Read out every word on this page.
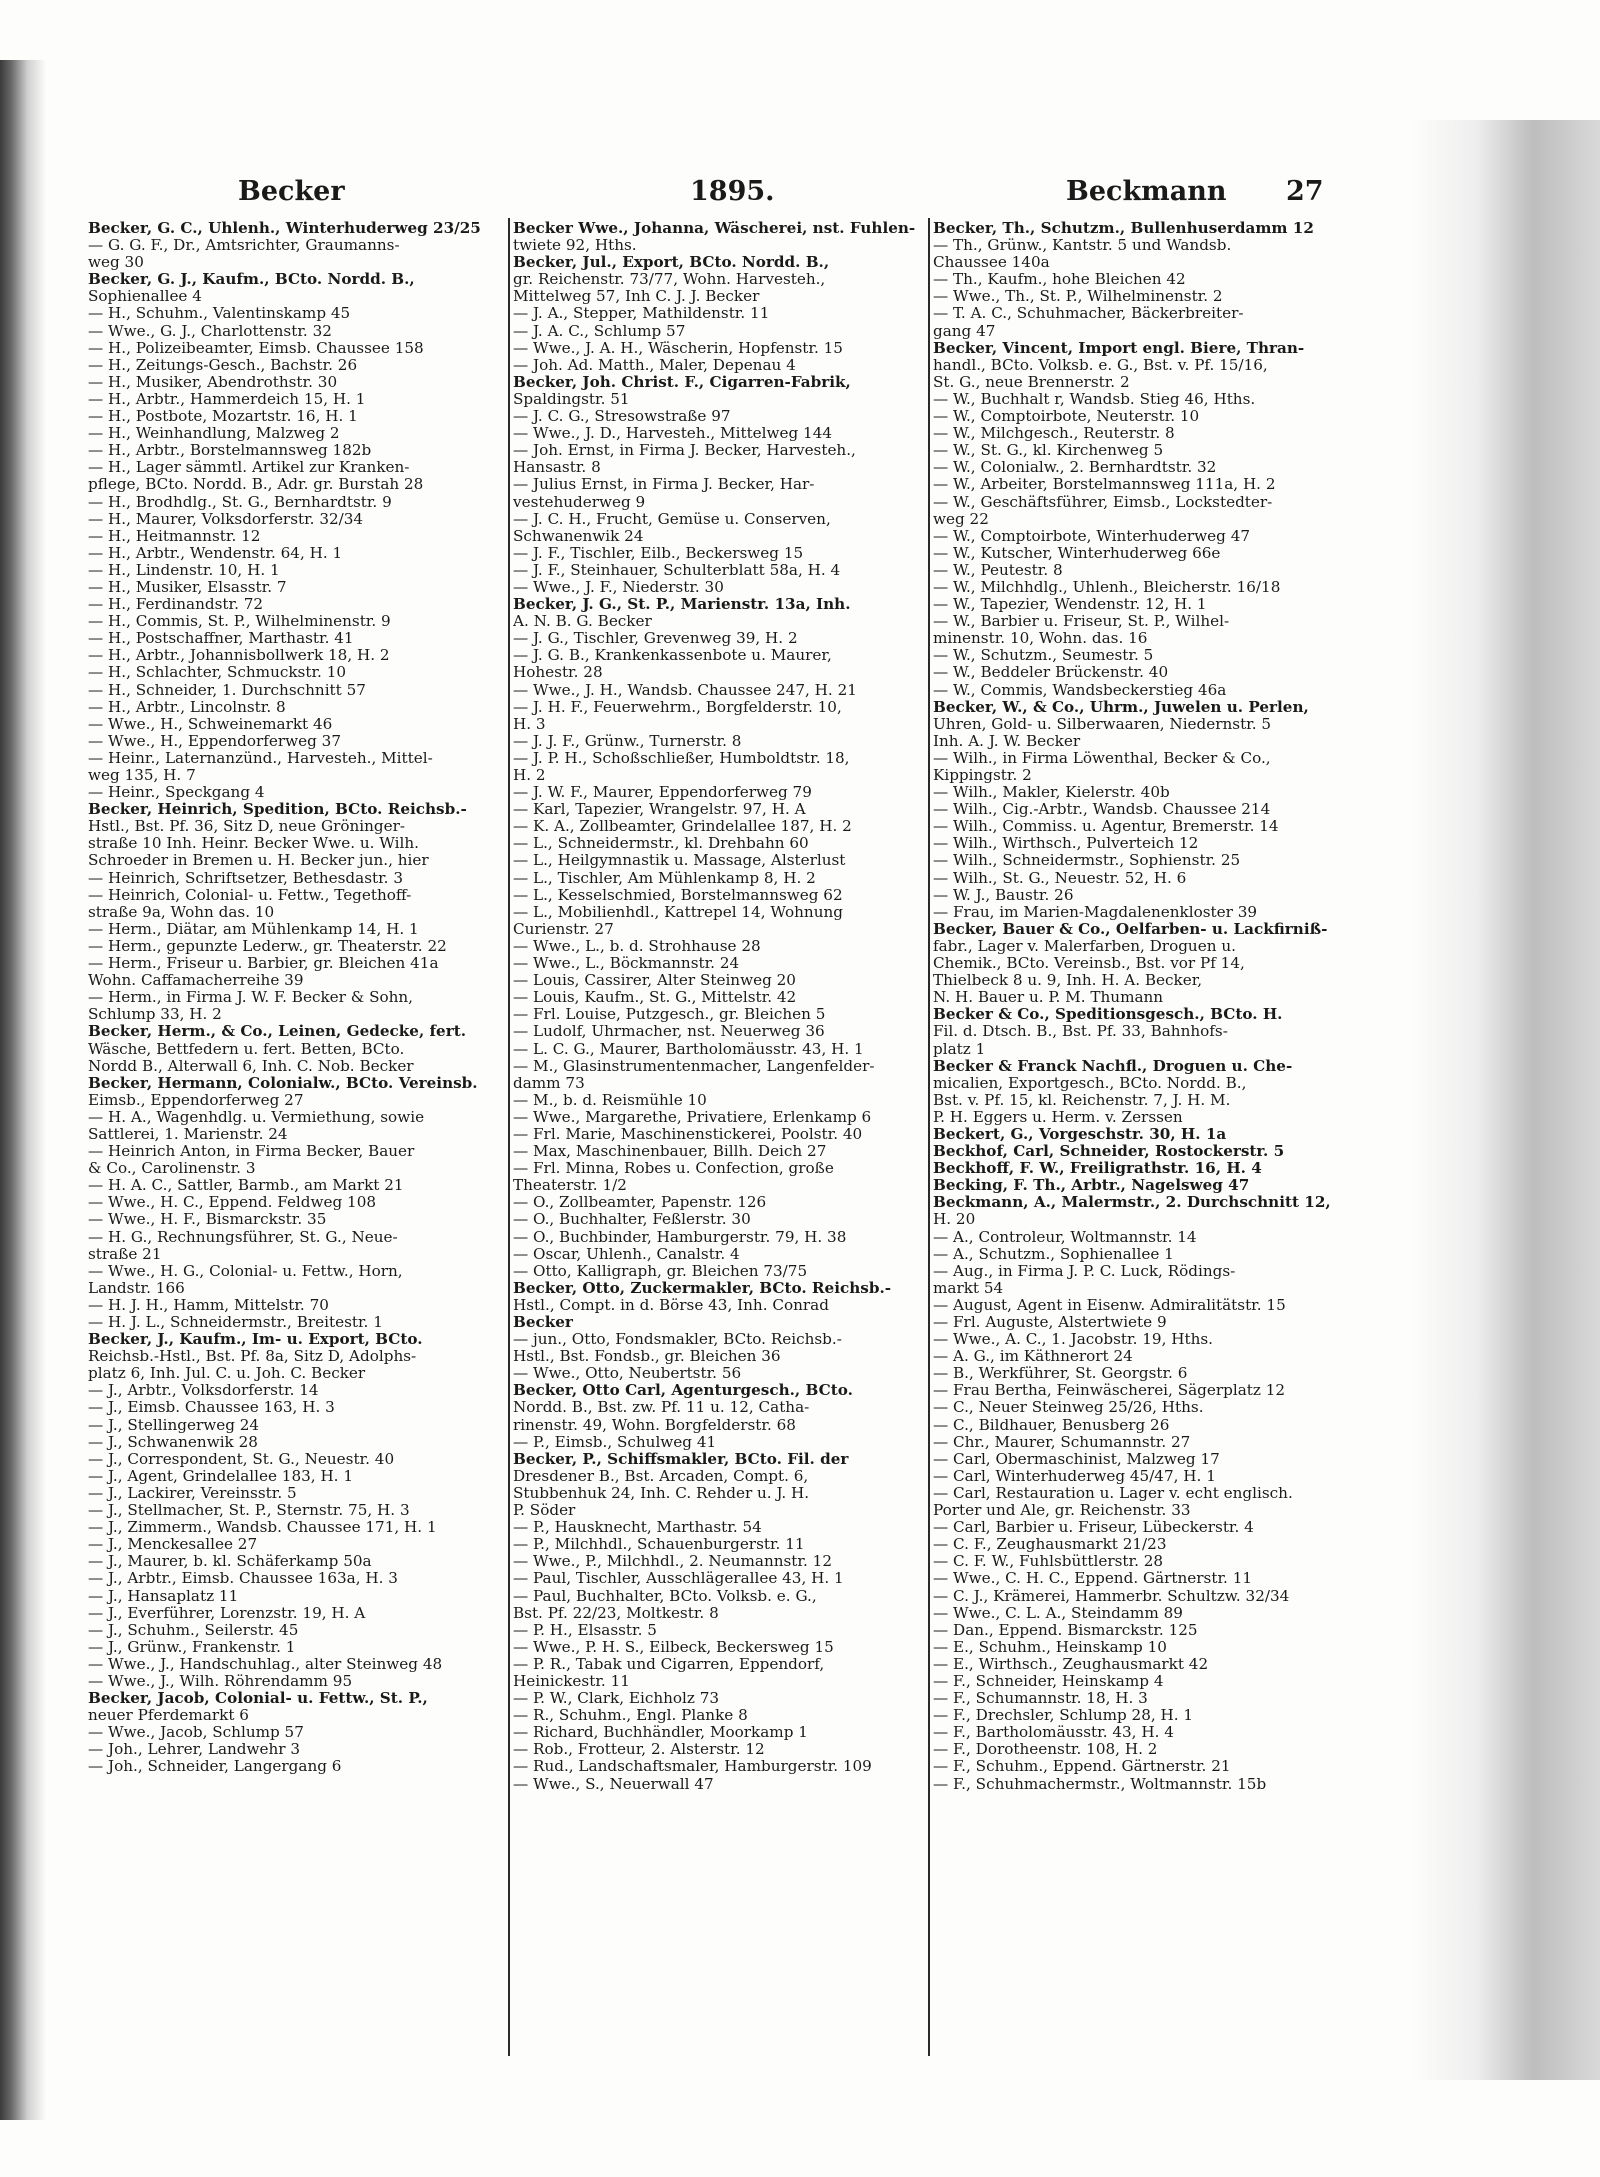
Becker	1895.	Beckmann 27
Becker, G. C., Uhlenh., Winterhuderweg 23/25
— G. G. F., Dr., Amtsrichter, Graumanns-
weg 30
Becker, G. J., Kaufm., BCto. Nordd. B.,
Sophienallee 4
— H., Schuhm., Valentinskamp 45
— Wwe., G. J., Charlottenstr. 32
— H., Polizeibeamter, Eimsb. Chaussee 158
— H., Zeitungs-Gesch., Bachstr. 26
— H., Musiker, Abendrothstr. 30
— H., Arbtr., Hammerdeich 15, H. 1
— H., Postbote, Mozartstr. 16, H. 1
— H., Weinhandlung, Malzweg 2
— H., Arbtr., Borstelmannsweg 182b
— H., Lager sämmtl. Artikel zur Kranken-
pflege, BCto. Nordd. B., Adr. gr. Burstah 28
— H., Brodhdlg., St. G., Bernhardtstr. 9
— H., Maurer, Volksdorferstr. 32/34
— H., Heitmannstr. 12
— H., Arbtr., Wendenstr. 64, H. 1
— H., Lindenstr. 10, H. 1
— H., Musiker, Elsasstr. 7
— H., Ferdinandstr. 72
— H., Commis, St. P., Wilhelminenstr. 9
— H., Postschaffner, Marthastr. 41
— H., Arbtr., Johannisbollwerk 18, H. 2
— H., Schlachter, Schmuckstr. 10
— H., Schneider, 1. Durchschnitt 57
— H., Arbtr., Lincolnstr. 8
— Wwe., H., Schweinemarkt 46
— Wwe., H., Eppendorferweg 37
— Heinr., Laternanzünd., Harvesteh., Mittel-
weg 135, H. 7
— Heinr., Speckgang 4
Becker, Heinrich, Spedition, BCto. Reichsb.-
Hstl., Bst. Pf. 36, Sitz D, neue Gröninger-
straße 10 Inh. Heinr. Becker Wwe. u. Wilh.
Schroeder in Bremen u. H. Becker jun., hier
— Heinrich, Schriftsetzer, Bethesdastr. 3
— Heinrich, Colonial- u. Fettw., Tegethoff-
straße 9a, Wohn das. 10
— Herm., Diätar, am Mühlenkamp 14, H. 1
— Herm., gepunzte Lederw., gr. Theaterstr. 22
— Herm., Friseur u. Barbier, gr. Bleichen 41a
Wohn. Caffamacherreihe 39
— Herm., in Firma J. W. F. Becker & Sohn,
Schlump 33, H. 2
Becker, Herm., & Co., Leinen, Gedecke, fert.
Wäsche, Bettfedern u. fert. Betten, BCto.
Nordd B., Alterwall 6, Inh. C. Nob. Becker
Becker, Hermann, Colonialw., BCto. Vereinsb.
Eimsb., Eppendorferweg 27
— H. A., Wagenhdlg. u. Vermiethung, sowie
Sattlerei, 1. Marienstr. 24
— Heinrich Anton, in Firma Becker, Bauer
& Co., Carolinenstr. 3
— H. A. C., Sattler, Barmb., am Markt 21
— Wwe., H. C., Eppend. Feldweg 108
— Wwe., H. F., Bismarckstr. 35
— H. G., Rechnungsführer, St. G., Neue-
straße 21
— Wwe., H. G., Colonial- u. Fettw., Horn,
Landstr. 166
— H. J. H., Hamm, Mittelstr. 70
— H. J. L., Schneidermstr., Breitestr. 1
Becker, J., Kaufm., Im- u. Export, BCto.
Reichsb.-Hstl., Bst. Pf. 8a, Sitz D, Adolphs-
platz 6, Inh. Jul. C. u. Joh. C. Becker
— J., Arbtr., Volksdorferstr. 14
— J., Eimsb. Chaussee 163, H. 3
— J., Stellingerweg 24
— J., Schwanenwik 28
— J., Correspondent, St. G., Neuestr. 40
— J., Agent, Grindelallee 183, H. 1
— J., Lackirer, Vereinsstr. 5
— J., Stellmacher, St. P., Sternstr. 75, H. 3
— J., Zimmerm., Wandsb. Chaussee 171, H. 1
— J., Menckesallee 27
— J., Maurer, b. kl. Schäferkamp 50a
— J., Arbtr., Eimsb. Chaussee 163a, H. 3
— J., Hansaplatz 11
— J., Everführer, Lorenzstr. 19, H. A
— J., Schuhm., Seilerstr. 45
— J., Grünw., Frankenstr. 1
— Wwe., J., Handschuhlag., alter Steinweg 48
— Wwe., J., Wilh. Röhrendamm 95
Becker, Jacob, Colonial- u. Fettw., St. P.,
neuer Pferdemarkt 6
— Wwe., Jacob, Schlump 57
— Joh., Lehrer, Landwehr 3
— Joh., Schneider, Langergang 6
Becker Wwe., Johanna, Wäscherei, nst. Fuhlen-
twiete 92, Hths.
Becker, Jul., Export, BCto. Nordd. B.,
gr. Reichenstr. 73/77, Wohn. Harvesteh.,
Mittelweg 57, Inh C. J. J. Becker
— J. A., Stepper, Mathildenstr. 11
— J. A. C., Schlump 57
— Wwe., J. A. H., Wäscherin, Hopfenstr. 15
— Joh. Ad. Matth., Maler, Depenau 4
Becker, Joh. Christ. F., Cigarren-Fabrik,
Spaldingstr. 51
— J. C. G., Stresowstraße 97
— Wwe., J. D., Harvesteh., Mittelweg 144
— Joh. Ernst, in Firma J. Becker, Harvesteh.,
Hansastr. 8
— Julius Ernst, in Firma J. Becker, Har-
vestehuderweg 9
— J. C. H., Frucht, Gemüse u. Conserven,
Schwanenwik 24
— J. F., Tischler, Eilb., Beckersweg 15
— J. F., Steinhauer, Schulterblatt 58a, H. 4
— Wwe., J. F., Niederstr. 30
Becker, J. G., St. P., Marienstr. 13a, Inh.
A. N. B. G. Becker
— J. G., Tischler, Grevenweg 39, H. 2
— J. G. B., Krankenkassenbote u. Maurer,
Hohestr. 28
— Wwe., J. H., Wandsb. Chaussee 247, H. 21
— J. H. F., Feuerwehrm., Borgfelderstr. 10,
H. 3
— J. J. F., Grünw., Turnerstr. 8
— J. P. H., Schoßschließer, Humboldtstr. 18,
H. 2
— J. W. F., Maurer, Eppendorferweg 79
— Karl, Tapezier, Wrangelstr. 97, H. A
— K. A., Zollbeamter, Grindelallee 187, H. 2
— L., Schneidermstr., kl. Drehbahn 60
— L., Heilgymnastik u. Massage, Alsterlust
— L., Tischler, Am Mühlenkamp 8, H. 2
— L., Kesselschmied, Borstelmannsweg 62
— L., Mobilienhdl., Kattrepel 14, Wohnung
Curienstr. 27
— Wwe., L., b. d. Strohhause 28
— Wwe., L., Böckmannstr. 24
— Louis, Cassirer, Alter Steinweg 20
— Louis, Kaufm., St. G., Mittelstr. 42
— Frl. Louise, Putzgesch., gr. Bleichen 5
— Ludolf, Uhrmacher, nst. Neuerweg 36
— L. C. G., Maurer, Bartholomäusstr. 43, H. 1
— M., Glasinstrumentenmacher, Langenfelder-
damm 73
— M., b. d. Reismühle 10
— Wwe., Margarethe, Privatiere, Erlenkamp 6
— Frl. Marie, Maschinenstickerei, Poolstr. 40
— Max, Maschinenbauer, Billh. Deich 27
— Frl. Minna, Robes u. Confection, große
Theaterstr. 1/2
— O., Zollbeamter, Papenstr. 126
— O., Buchhalter, Feßlerstr. 30
— O., Buchbinder, Hamburgerstr. 79, H. 38
— Oscar, Uhlenh., Canalstr. 4
— Otto, Kalligraph, gr. Bleichen 73/75
Becker, Otto, Zuckermakler, BCto. Reichsb.-
Hstl., Compt. in d. Börse 43, Inh. Conrad
Becker
— jun., Otto, Fondsmakler, BCto. Reichsb.-
Hstl., Bst. Fondsb., gr. Bleichen 36
— Wwe., Otto, Neubertstr. 56
Becker, Otto Carl, Agenturgesch., BCto.
Nordd. B., Bst. zw. Pf. 11 u. 12, Catha-
rinenstr. 49, Wohn. Borgfelderstr. 68
— P., Eimsb., Schulweg 41
Becker, P., Schiffsmakler, BCto. Fil. der
Dresdener B., Bst. Arcaden, Compt. 6,
Stubbenhuk 24, Inh. C. Rehder u. J. H.
P. Söder
— P., Hausknecht, Marthastr. 54
— P., Milchhdl., Schauenburgerstr. 11
— Wwe., P., Milchhdl., 2. Neumannstr. 12
— Paul, Tischler, Ausschlägerallee 43, H. 1
— Paul, Buchhalter, BCto. Volksb. e. G.,
Bst. Pf. 22/23, Moltkestr. 8
— P. H., Elsasstr. 5
— Wwe., P. H. S., Eilbeck, Beckersweg 15
— P. R., Tabak und Cigarren, Eppendorf,
Heinickestr. 11
— P. W., Clark, Eichholz 73
— R., Schuhm., Engl. Planke 8
— Richard, Buchhändler, Moorkamp 1
— Rob., Frotteur, 2. Alsterstr. 12
— Rud., Landschaftsmaler, Hamburgerstr. 109
— Wwe., S., Neuerwall 47
Becker, Th., Schutzm., Bullenhuserdamm 12
— Th., Grünw., Kantstr. 5 und Wandsb.
Chaussee 140a
— Th., Kaufm., hohe Bleichen 42
— Wwe., Th., St. P., Wilhelminenstr. 2
— T. A. C., Schuhmacher, Bäckerbreiter-
gang 47
Becker, Vincent, Import engl. Biere, Thran-
handl., BCto. Volksb. e. G., Bst. v. Pf. 15/16,
St. G., neue Brennerstr. 2
— W., Buchhalt r, Wandsb. Stieg 46, Hths.
— W., Comptoirbote, Neuterstr. 10
— W., Milchgesch., Reuterstr. 8
— W., St. G., kl. Kirchenweg 5
— W., Colonialw., 2. Bernhardtstr. 32
— W., Arbeiter, Borstelmannsweg 111a, H. 2
— W., Geschäftsführer, Eimsb., Lockstedter-
weg 22
— W., Comptoirbote, Winterhuderweg 47
— W., Kutscher, Winterhuderweg 66e
— W., Peutestr. 8
— W., Milchhdlg., Uhlenh., Bleicherstr. 16/18
— W., Tapezier, Wendenstr. 12, H. 1
— W., Barbier u. Friseur, St. P., Wilhel-
minenstr. 10, Wohn. das. 16
— W., Schutzm., Seumestr. 5
— W., Beddeler Brückenstr. 40
— W., Commis, Wandsbeckerstieg 46a
Becker, W., & Co., Uhrm., Juwelen u. Perlen,
Uhren, Gold- u. Silberwaaren, Niedernstr. 5
Inh. A. J. W. Becker
— Wilh., in Firma Löwenthal, Becker & Co.,
Kippingstr. 2
— Wilh., Makler, Kielerstr. 40b
— Wilh., Cig.-Arbtr., Wandsb. Chaussee 214
— Wilh., Commiss. u. Agentur, Bremerstr. 14
— Wilh., Wirthsch., Pulverteich 12
— Wilh., Schneidermstr., Sophienstr. 25
— Wilh., St. G., Neuestr. 52, H. 6
— W. J., Baustr. 26
— Frau, im Marien-Magdalenenkloster 39
Becker, Bauer & Co., Oelfarben- u. Lackfirniß-
fabr., Lager v. Malerfarben, Droguen u.
Chemik., BCto. Vereinsb., Bst. vor Pf 14,
Thielbeck 8 u. 9, Inh. H. A. Becker,
N. H. Bauer u. P. M. Thumann
Becker & Co., Speditionsgesch., BCto. H.
Fil. d. Dtsch. B., Bst. Pf. 33, Bahnhofs-
platz 1
Becker & Franck Nachfl., Droguen u. Che-
micalien, Exportgesch., BCto. Nordd. B.,
Bst. v. Pf. 15, kl. Reichenstr. 7, J. H. M.
P. H. Eggers u. Herm. v. Zerssen
Beckert, G., Vorgeschstr. 30, H. 1a
Beckhof, Carl, Schneider, Rostockerstr. 5
Beckhoff, F. W., Freiligrathstr. 16, H. 4
Becking, F. Th., Arbtr., Nagelsweg 47
Beckmann, A., Malermstr., 2. Durchschnitt 12,
H. 20
— A., Controleur, Woltmannstr. 14
— A., Schutzm., Sophienallee 1
— Aug., in Firma J. P. C. Luck, Rödings-
markt 54
— August, Agent in Eisenw. Admiralitätstr. 15
— Frl. Auguste, Alstertwiete 9
— Wwe., A. C., 1. Jacobstr. 19, Hths.
— A. G., im Käthnerort 24
— B., Werkführer, St. Georgstr. 6
— Frau Bertha, Feinwäscherei, Sägerplatz 12
— C., Neuer Steinweg 25/26, Hths.
— C., Bildhauer, Benusberg 26
— Chr., Maurer, Schumannstr. 27
— Carl, Obermaschinist, Malzweg 17
— Carl, Winterhuderweg 45/47, H. 1
— Carl, Restauration u. Lager v. echt englisch.
Porter und Ale, gr. Reichenstr. 33
— Carl, Barbier u. Friseur, Lübeckerstr. 4
— C. F., Zeughausmarkt 21/23
— C. F. W., Fuhlsbüttlerstr. 28
— Wwe., C. H. C., Eppend. Gärtnerstr. 11
— C. J., Krämerei, Hammerbr. Schultzw. 32/34
— Wwe., C. L. A., Steindamm 89
— Dan., Eppend. Bismarckstr. 125
— E., Schuhm., Heinskamp 10
— E., Wirthsch., Zeughausmarkt 42
— F., Schneider, Heinskamp 4
— F., Schumannstr. 18, H. 3
— F., Drechsler, Schlump 28, H. 1
— F., Bartholomäusstr. 43, H. 4
— F., Dorotheenstr. 108, H. 2
— F., Schuhm., Eppend. Gärtnerstr. 21
— F., Schuhmachermstr., Woltmannstr. 15b
